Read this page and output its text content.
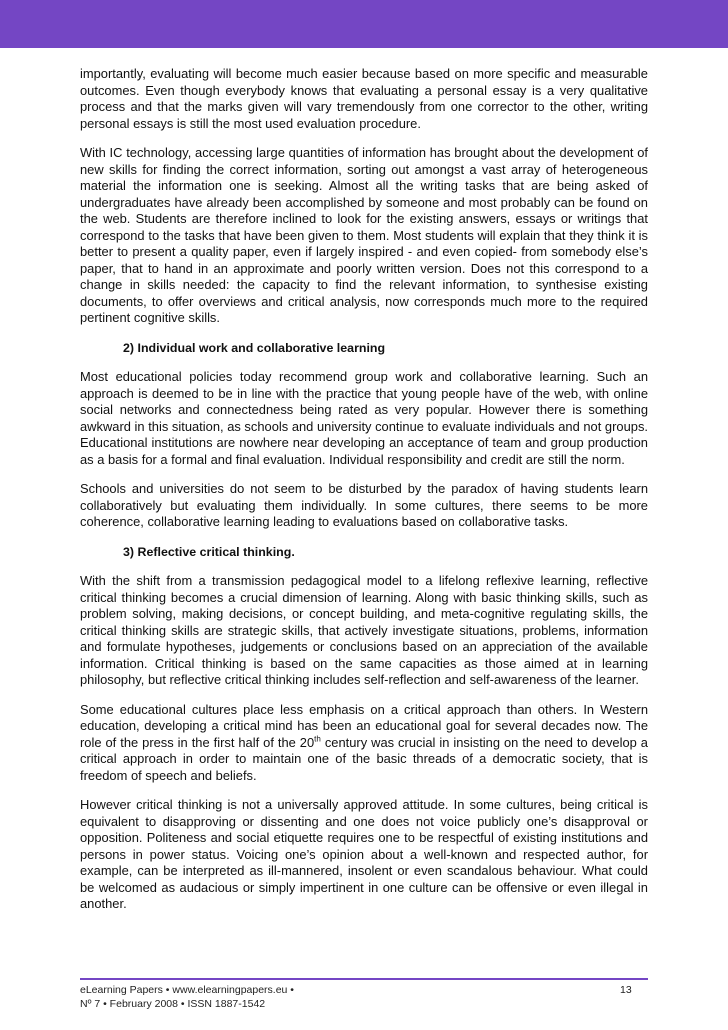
importantly, evaluating will become much easier because based on more specific and measurable outcomes. Even though everybody knows that evaluating a personal essay is a very qualitative process and that the marks given will vary tremendously from one corrector to the other, writing personal essays is still the most used evaluation procedure.

With IC technology, accessing large quantities of information has brought about the development of new skills for finding the correct information, sorting out amongst a vast array of heterogeneous material the information one is seeking. Almost all the writing tasks that are being asked of undergraduates have already been accomplished by someone and most probably can be found on the web. Students are therefore inclined to look for the existing answers, essays or writings that correspond to the tasks that have been given to them. Most students will explain that they think it is better to present a quality paper, even if largely inspired - and even copied- from somebody else’s paper, that to hand in an approximate and poorly written version. Does not this correspond to a change in skills needed: the capacity to find the relevant information, to synthesise existing documents, to offer overviews and critical analysis, now corresponds much more to the required pertinent cognitive skills.

2) Individual work and collaborative learning

Most educational policies today recommend group work and collaborative learning. Such an approach is deemed to be in line with the practice that young people have of the web, with online social networks and connectedness being rated as very popular. However there is something awkward in this situation, as schools and university continue to evaluate individuals and not groups. Educational institutions are nowhere near developing an acceptance of team and group production as a basis for a formal and final evaluation. Individual responsibility and credit are still the norm.

Schools and universities do not seem to be disturbed by the paradox of having students learn collaboratively but evaluating them individually. In some cultures, there seems to be more coherence, collaborative learning leading to evaluations based on collaborative tasks.

3) Reflective critical thinking.

With the shift from a transmission pedagogical model to a lifelong reflexive learning, reflective critical thinking becomes a crucial dimension of learning. Along with basic thinking skills, such as problem solving, making decisions, or concept building, and meta-cognitive regulating skills, the critical thinking skills are strategic skills, that actively investigate situations, problems, information and formulate hypotheses, judgements or conclusions based on an appreciation of the available information. Critical thinking is based on the same capacities as those aimed at in learning philosophy, but reflective critical thinking includes self-reflection and self-awareness of the learner.

Some educational cultures place less emphasis on a critical approach than others. In Western education, developing a critical mind has been an educational goal for several decades now. The role of the press in the first half of the 20th century was crucial in insisting on the need to develop a critical approach in order to maintain one of the basic threads of a democratic society, that is freedom of speech and beliefs.

However critical thinking is not a universally approved attitude. In some cultures, being critical is equivalent to disapproving or dissenting and one does not voice publicly one’s disapproval or opposition. Politeness and social etiquette requires one to be respectful of existing institutions and persons in power status. Voicing one’s opinion about a well-known and respected author, for example, can be interpreted as ill-mannered, insolent or even scandalous behaviour. What could be welcomed as audacious or simply impertinent in one culture can be offensive or even illegal in another.

eLearning Papers • www.elearningpapers.eu •
Nº 7 • February 2008 • ISSN 1887-1542
13
